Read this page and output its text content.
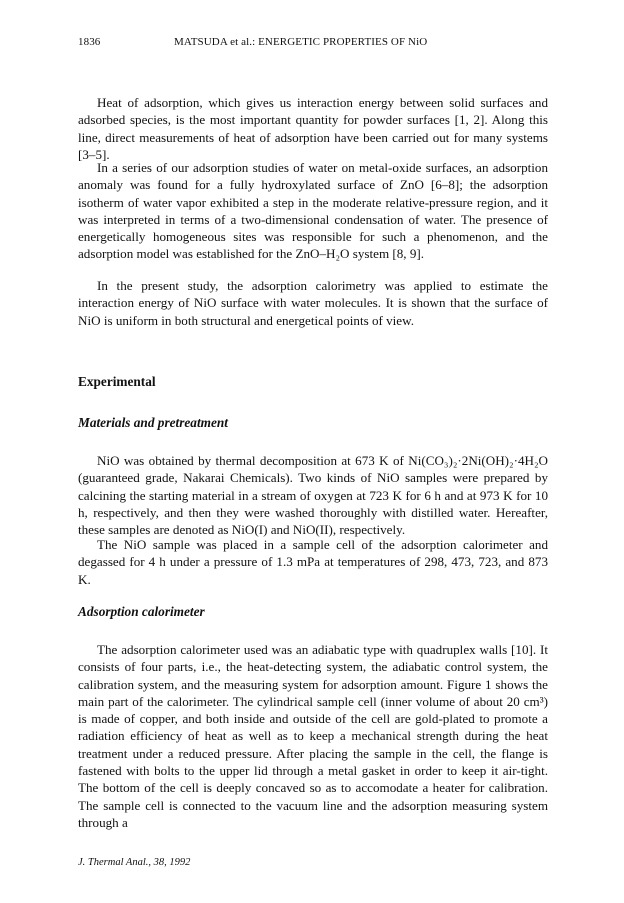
1836	MATSUDA et al.: ENERGETIC PROPERTIES OF NiO

Heat of adsorption, which gives us interaction energy between solid surfaces and adsorbed species, is the most important quantity for powder surfaces [1, 2]. Along this line, direct measurements of heat of adsorption have been carried out for many systems [3–5].

In a series of our adsorption studies of water on metal-oxide surfaces, an adsorption anomaly was found for a fully hydroxylated surface of ZnO [6–8]; the adsorption isotherm of water vapor exhibited a step in the moderate relative-pressure region, and it was interpreted in terms of a two-dimensional condensation of water. The presence of energetically homogeneous sites was responsible for such a phenomenon, and the adsorption model was established for the ZnO–H₂O system [8, 9].

In the present study, the adsorption calorimetry was applied to estimate the interaction energy of NiO surface with water molecules. It is shown that the surface of NiO is uniform in both structural and energetical points of view.

Experimental
Materials and pretreatment

NiO was obtained by thermal decomposition at 673 K of Ni(CO₃)₂·2Ni(OH)₂·4H₂O (guaranteed grade, Nakarai Chemicals). Two kinds of NiO samples were prepared by calcining the starting material in a stream of oxygen at 723 K for 6 h and at 973 K for 10 h, respectively, and then they were washed thoroughly with distilled water. Hereafter, these samples are denoted as NiO(I) and NiO(II), respectively.

The NiO sample was placed in a sample cell of the adsorption calorimeter and degassed for 4 h under a pressure of 1.3 mPa at temperatures of 298, 473, 723, and 873 K.

Adsorption calorimeter

The adsorption calorimeter used was an adiabatic type with quadruplex walls [10]. It consists of four parts, i.e., the heat-detecting system, the adiabatic control system, the calibration system, and the measuring system for adsorption amount. Figure 1 shows the main part of the calorimeter. The cylindrical sample cell (inner volume of about 20 cm³) is made of copper, and both inside and outside of the cell are gold-plated to promote a radiation efficiency of heat as well as to keep a mechanical strength during the heat treatment under a reduced pressure. After placing the sample in the cell, the flange is fastened with bolts to the upper lid through a metal gasket in order to keep it air-tight. The bottom of the cell is deeply concaved so as to accomodate a heater for calibration. The sample cell is connected to the vacuum line and the adsorption measuring system through a

J. Thermal Anal., 38, 1992
